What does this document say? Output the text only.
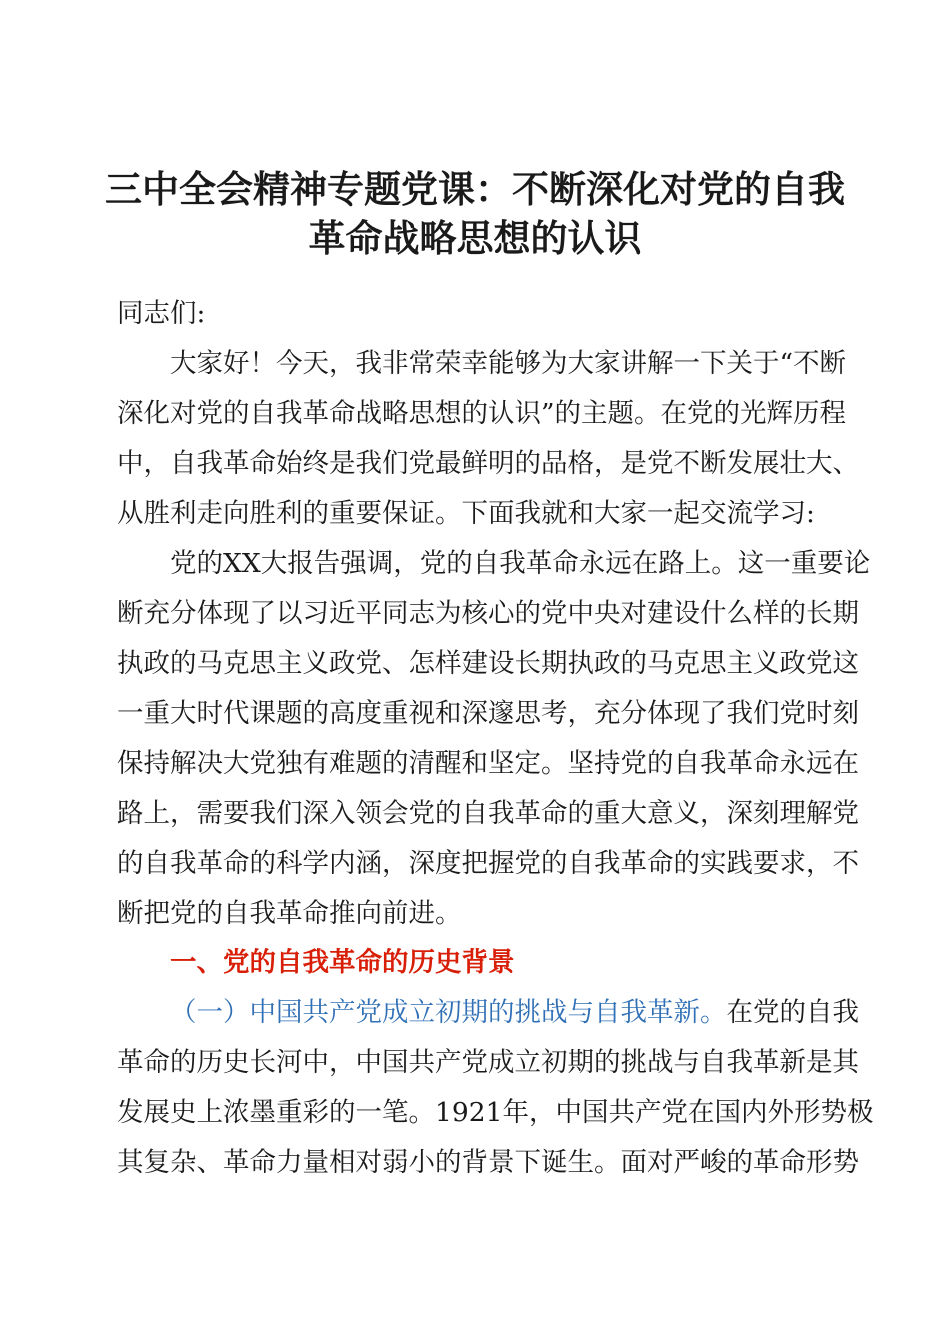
三中全会精神专题党课：不断深化对党的自我
革命战略思想的认识
同志们:
大家好！今天，我非常荣幸能够为大家讲解一下关于“不断
深化对党的自我革命战略思想的认识”的主题。在党的光辉历程
中，自我革命始终是我们党最鲜明的品格，是党不断发展壮大、
从胜利走向胜利的重要保证。下面我就和大家一起交流学习:
党的XX大报告强调，党的自我革命永远在路上。这一重要论
断充分体现了以习近平同志为核心的党中央对建设什么样的长期
执政的马克思主义政党、怎样建设长期执政的马克思主义政党这
一重大时代课题的高度重视和深邃思考，充分体现了我们党时刻
保持解决大党独有难题的清醒和坚定。坚持党的自我革命永远在
路上，需要我们深入领会党的自我革命的重大意义，深刻理解党
的自我革命的科学内涵，深度把握党的自我革命的实践要求，不
断把党的自我革命推向前进。
一、党的自我革命的历史背景
（一）中国共产党成立初期的挑战与自我革新。在党的自我
革命的历史长河中，中国共产党成立初期的挑战与自我革新是其
发展史上浓墨重彩的一笔。1921年，中国共产党在国内外形势极
其复杂、革命力量相对弱小的背景下诞生。面对严峻的革命形势
